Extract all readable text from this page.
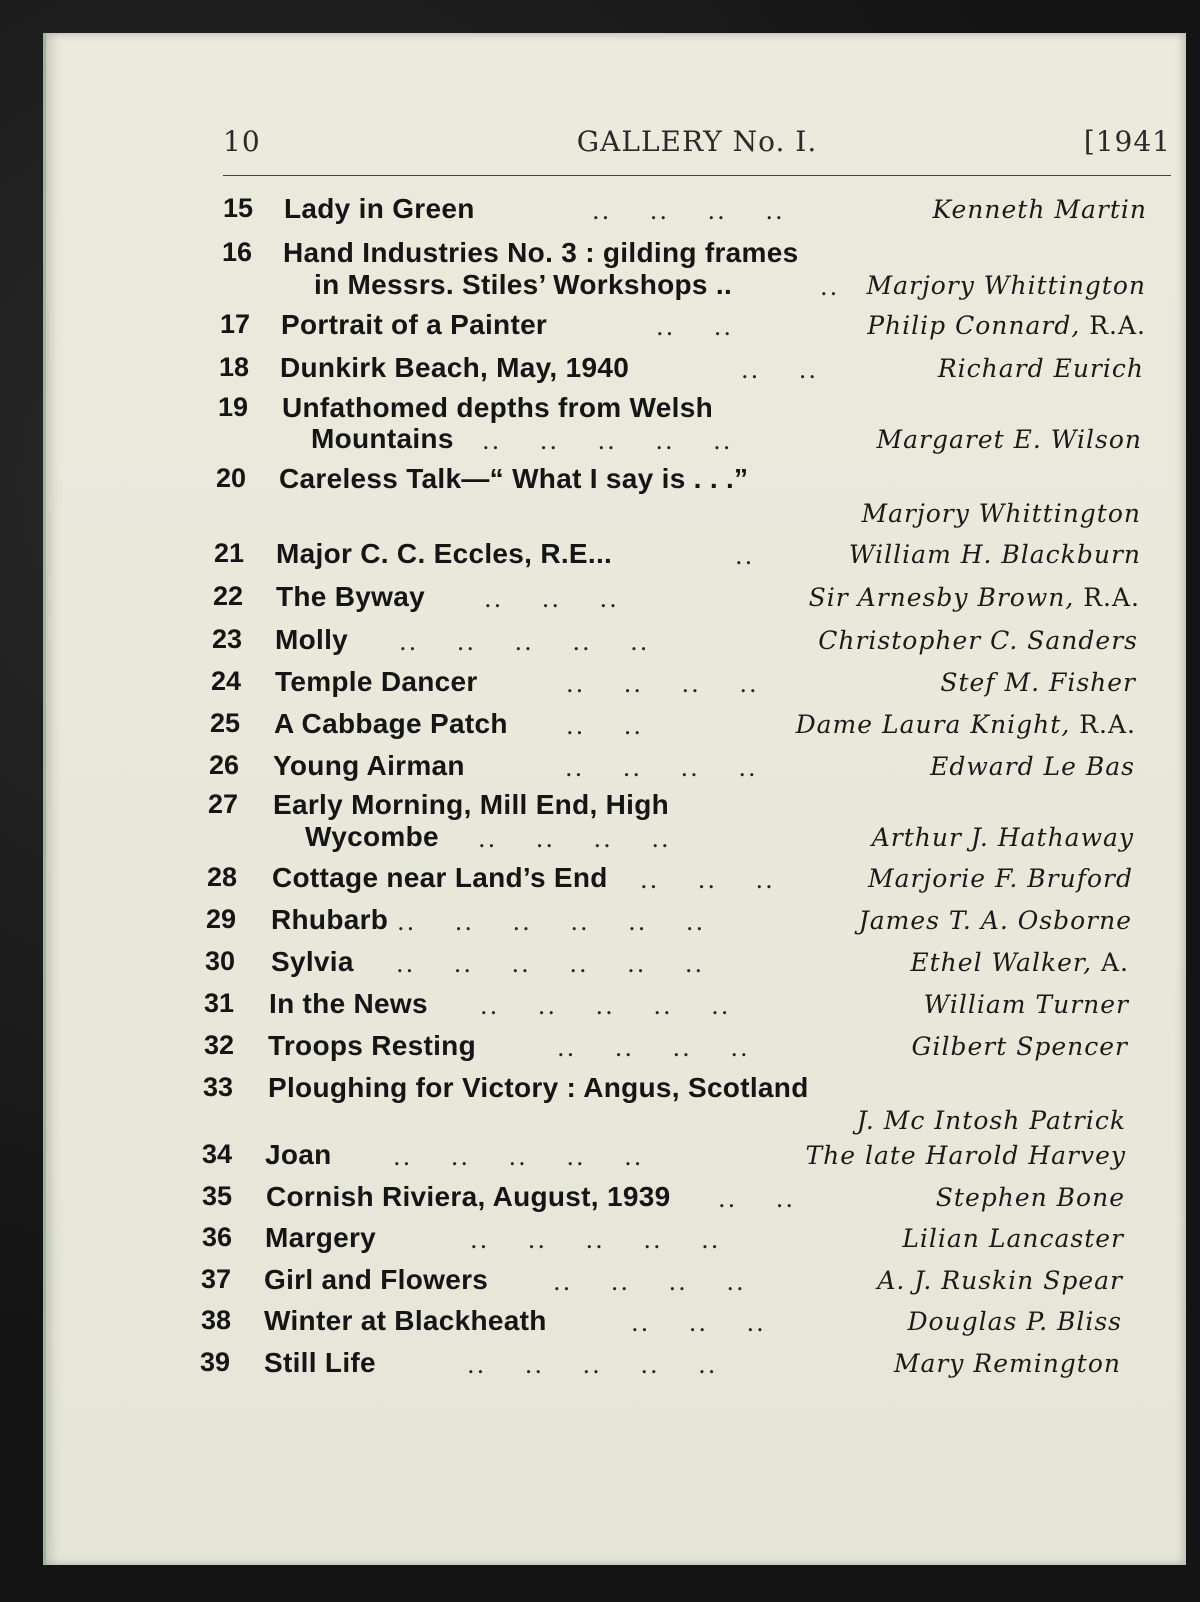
10	GALLERY No. I.	[1941
15 Lady in Green	..    ..    ..    ..	Kenneth Martin
16 Hand Industries No. 3 : gilding frames
in Messrs. Stiles’ Workshops ..	.. Marjory Whittington
17 Portrait of a Painter	..    ..	Philip Connard, R.A.
18 Dunkirk Beach, May, 1940	..    ..	Richard Eurich
19 Unfathomed depths from Welsh
Mountains ..    ..    ..    ..    ..	Margaret E. Wilson
20 Careless Talk—“ What I say is . . .”
Marjory Whittington
21 Major C. C. Eccles, R.E...	..	William H. Blackburn
22 The Byway ..    ..    ..	Sir Arnesby Brown, R.A.
23 Molly ..    ..    ..    ..    ..	Christopher C. Sanders
24 Temple Dancer	..    ..    ..    ..	Stef M. Fisher
25 A Cabbage Patch ..    ..	Dame Laura Knight, R.A.
26 Young Airman	..    ..    ..    ..	Edward Le Bas
27 Early Morning, Mill End, High
Wycombe ..    ..    ..    ..	Arthur J. Hathaway
28 Cottage near Land’s End ..    ..    ..	Marjorie F. Bruford
29 Rhubarb ..    ..    ..    ..    ..    ..	James T. A. Osborne
30 Sylvia ..    ..    ..    ..    ..    ..	Ethel Walker, A.
31 In the News ..    ..    ..    ..    ..	William Turner
32 Troops Resting	..    ..    ..    ..	Gilbert Spencer
33 Ploughing for Victory : Angus, Scotland
J. Mc Intosh Patrick
34 Joan	..    ..    ..    ..    ..	The late Harold Harvey
35 Cornish Riviera, August, 1939 ..    ..	Stephen Bone
36 Margery	..    ..    ..    ..    ..	Lilian Lancaster
37 Girl and Flowers	..    ..    ..    ..	A. J. Ruskin Spear
38 Winter at Blackheath	..    ..    ..	Douglas P. Bliss
39 Still Life	..    ..    ..    ..    ..	Mary Remington
